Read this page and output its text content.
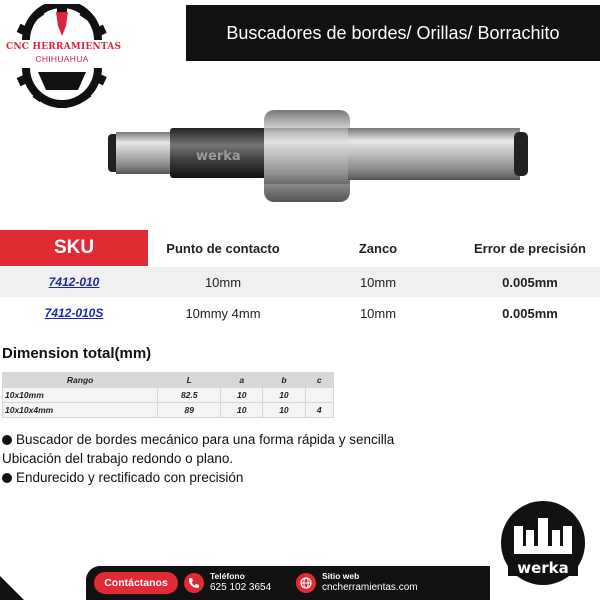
CNC HERRAMIENTAS
CHIHUAHUA
Buscadores de bordes/ Orillas/ Borrachito
werka
SKU	Punto de contacto	Zanco	Error de precisión
7412-010	10mm	10mm	0.005mm
7412-010S	10mmy 4mm	10mm	0.005mm
Dimension total(mm)
Rango	L	a	b	c
10x10mm	82.5	10	10	
10x10x4mm	89	10	10	4
Buscador de bordes mecánico para una forma rápida y sencilla
Ubicación del trabajo redondo o plano.
Endurecido y rectificado con precisión
Contáctanos
Teléfono
625 102 3654
Sitio web
cncherramientas.com
werka
